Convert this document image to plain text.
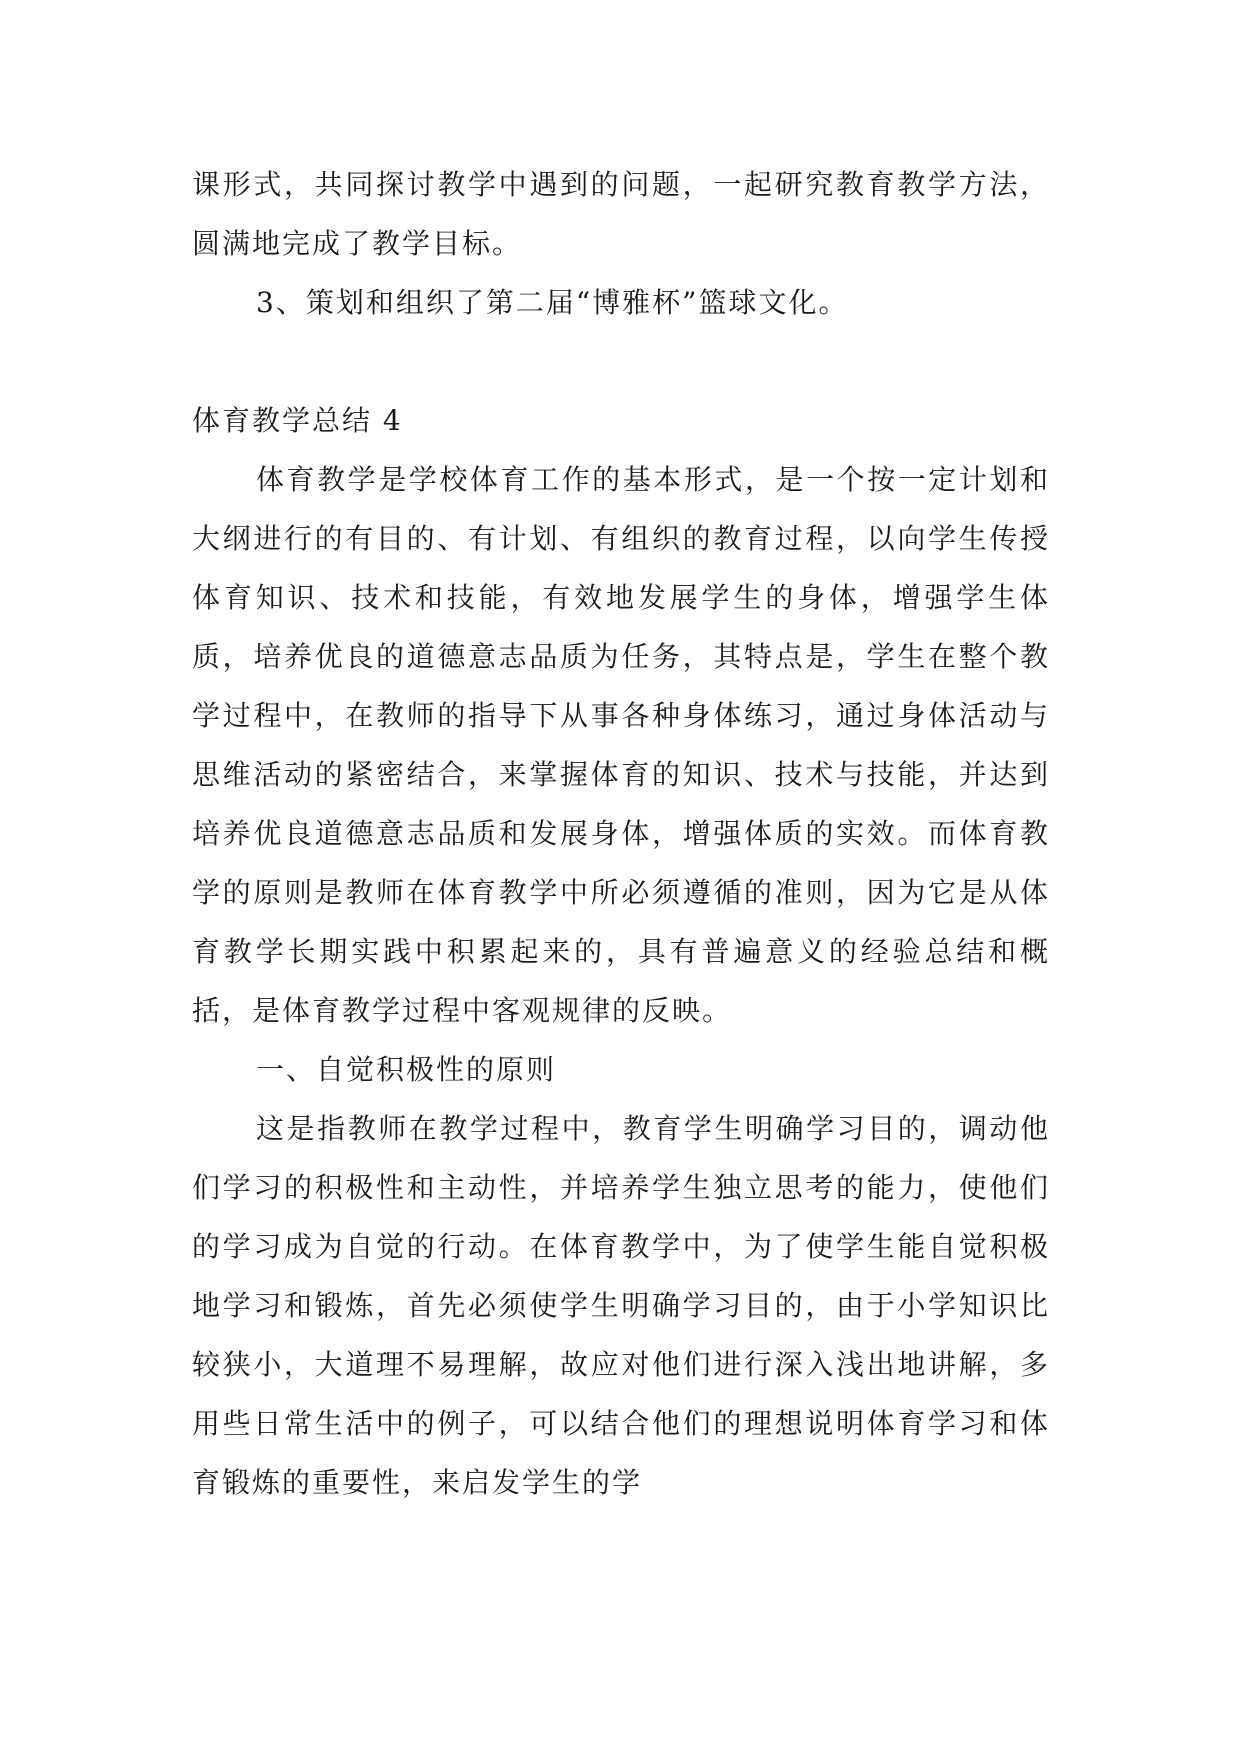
课形式，共同探讨教学中遇到的问题，一起研究教育教学方法，圆满地完成了教学目标。

3、策划和组织了第二届“博雅杯”篮球文化。

体育教学总结 4

体育教学是学校体育工作的基本形式，是一个按一定计划和大纲进行的有目的、有计划、有组织的教育过程，以向学生传授体育知识、技术和技能，有效地发展学生的身体，增强学生体质，培养优良的道德意志品质为任务，其特点是，学生在整个教学过程中，在教师的指导下从事各种身体练习，通过身体活动与思维活动的紧密结合，来掌握体育的知识、技术与技能，并达到培养优良道德意志品质和发展身体，增强体质的实效。而体育教学的原则是教师在体育教学中所必须遵循的准则，因为它是从体育教学长期实践中积累起来的，具有普遍意义的经验总结和概括，是体育教学过程中客观规律的反映。

一、自觉积极性的原则

这是指教师在教学过程中，教育学生明确学习目的，调动他们学习的积极性和主动性，并培养学生独立思考的能力，使他们的学习成为自觉的行动。在体育教学中，为了使学生能自觉积极地学习和锻炼，首先必须使学生明确学习目的，由于小学知识比较狭小，大道理不易理解，故应对他们进行深入浅出地讲解，多用些日常生活中的例子，可以结合他们的理想说明体育学习和体育锻炼的重要性，来启发学生的学
